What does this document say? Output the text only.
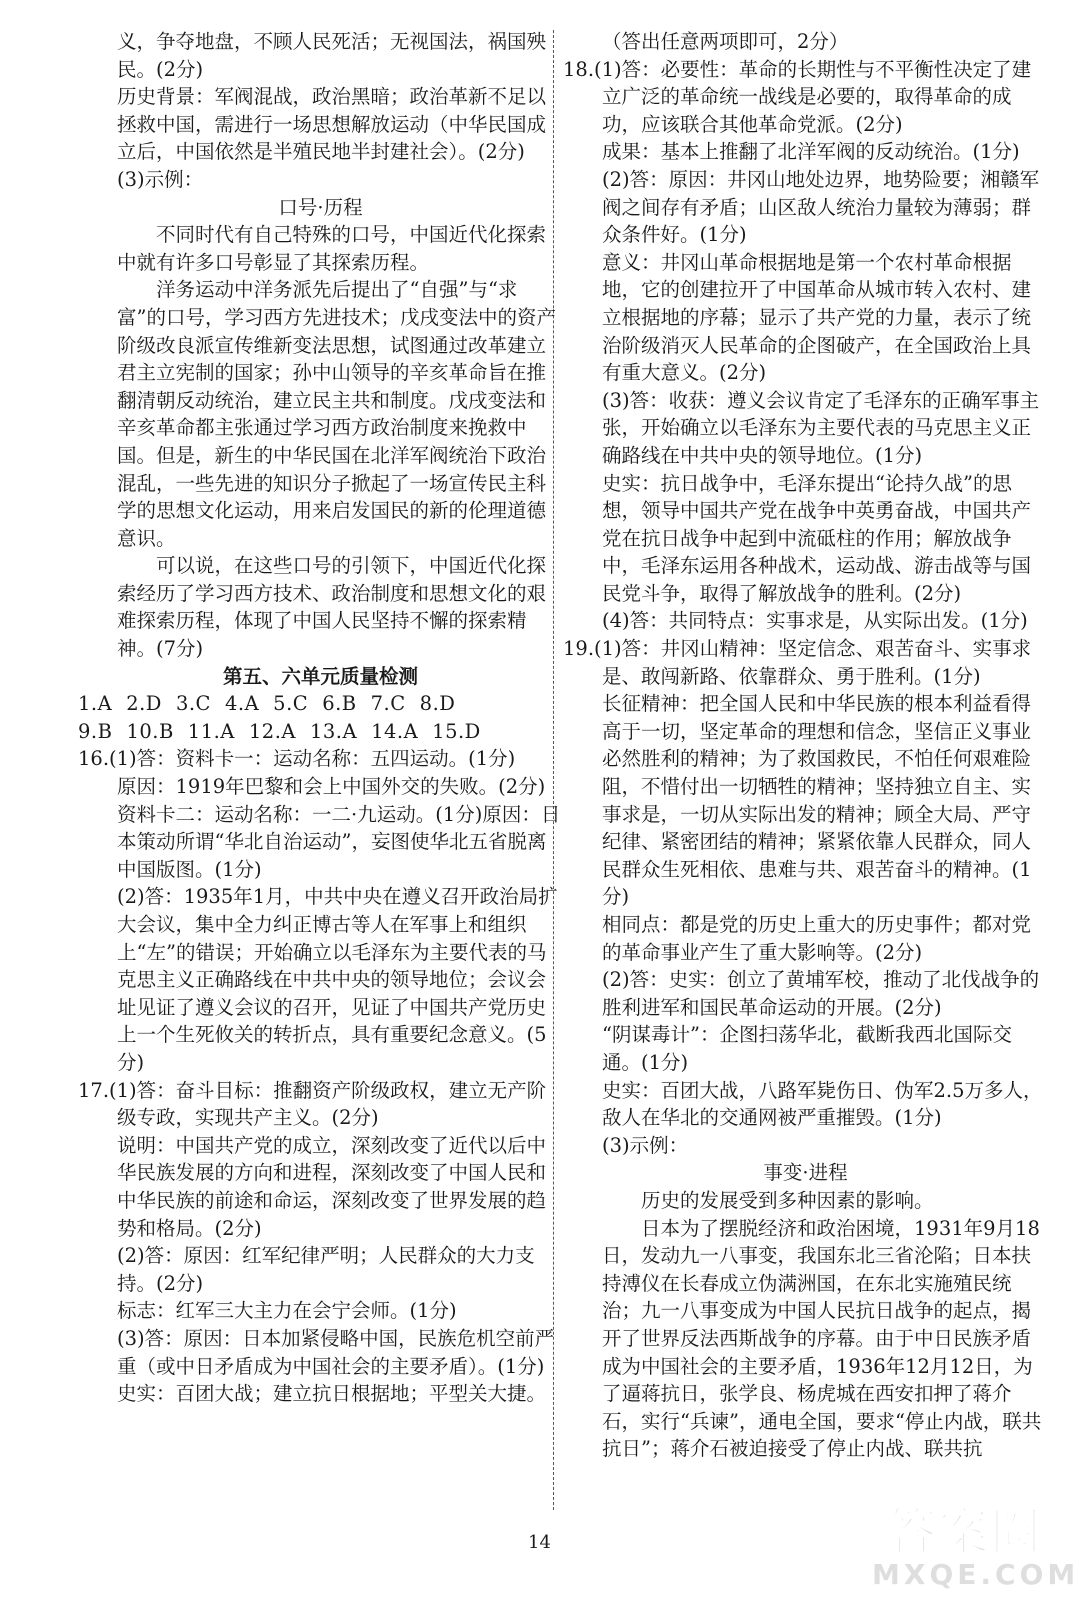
义，争夺地盘，不顾人民死活；无视国法，祸国殃民。(2分)

历史背景：军阀混战，政治黑暗；政治革新不足以拯救中国，需进行一场思想解放运动（中华民国成立后，中国依然是半殖民地半封建社会）。(2分)

(3)示例：

口号·历程

不同时代有自己特殊的口号，中国近代化探索中就有许多口号彰显了其探索历程。

洋务运动中洋务派先后提出了“自强”与“求富”的口号，学习西方先进技术；戊戌变法中的资产阶级改良派宣传维新变法思想，试图通过改革建立君主立宪制的国家；孙中山领导的辛亥革命旨在推翻清朝反动统治，建立民主共和制度。戊戌变法和辛亥革命都主张通过学习西方政治制度来挽救中国。但是，新生的中华民国在北洋军阀统治下政治混乱，一些先进的知识分子掀起了一场宣传民主科学的思想文化运动，用来启发国民的新的伦理道德意识。

可以说，在这些口号的引领下，中国近代化探索经历了学习西方技术、政治制度和思想文化的艰难探索历程，体现了中国人民坚持不懈的探索精神。(7分)

第五、六单元质量检测

1.A 2.D 3.C 4.A 5.C 6.B 7.C 8.D
9.B 10.B 11.A 12.A 13.A 14.A 15.D

16.(1)答：资料卡一：运动名称：五四运动。(1分)

原因：1919年巴黎和会上中国外交的失败。(2分)

资料卡二：运动名称：一二·九运动。(1分)原因：日本策动所谓“华北自治运动”，妄图使华北五省脱离中国版图。(1分)

(2)答：1935年1月，中共中央在遵义召开政治局扩大会议，集中全力纠正博古等人在军事上和组织上“左”的错误；开始确立以毛泽东为主要代表的马克思主义正确路线在中共中央的领导地位；会议会址见证了遵义会议的召开，见证了中国共产党历史上一个生死攸关的转折点，具有重要纪念意义。(5分)

17.(1)答：奋斗目标：推翻资产阶级政权，建立无产阶级专政，实现共产主义。(2分)

说明：中国共产党的成立，深刻改变了近代以后中华民族发展的方向和进程，深刻改变了中国人民和中华民族的前途和命运，深刻改变了世界发展的趋势和格局。(2分)

(2)答：原因：红军纪律严明；人民群众的大力支持。(2分)

标志：红军三大主力在会宁会师。(1分)

(3)答：原因：日本加紧侵略中国，民族危机空前严重（或中日矛盾成为中国社会的主要矛盾）。(1分)

史实：百团大战；建立抗日根据地；平型关大捷。

（答出任意两项即可，2分）

18.(1)答：必要性：革命的长期性与不平衡性决定了建立广泛的革命统一战线是必要的，取得革命的成功，应该联合其他革命党派。(2分)

成果：基本上推翻了北洋军阀的反动统治。(1分)

(2)答：原因：井冈山地处边界，地势险要；湘赣军阀之间存有矛盾；山区敌人统治力量较为薄弱；群众条件好。(1分)

意义：井冈山革命根据地是第一个农村革命根据地，它的创建拉开了中国革命从城市转入农村、建立根据地的序幕；显示了共产党的力量，表示了统治阶级消灭人民革命的企图破产，在全国政治上具有重大意义。(2分)

(3)答：收获：遵义会议肯定了毛泽东的正确军事主张，开始确立以毛泽东为主要代表的马克思主义正确路线在中共中央的领导地位。(1分)

史实：抗日战争中，毛泽东提出“论持久战”的思想，领导中国共产党在战争中英勇奋战，中国共产党在抗日战争中起到中流砥柱的作用；解放战争中，毛泽东运用各种战术，运动战、游击战等与国民党斗争，取得了解放战争的胜利。(2分)

(4)答：共同特点：实事求是，从实际出发。(1分)

19.(1)答：井冈山精神：坚定信念、艰苦奋斗、实事求是、敢闯新路、依靠群众、勇于胜利。(1分)

长征精神：把全国人民和中华民族的根本利益看得高于一切，坚定革命的理想和信念，坚信正义事业必然胜利的精神；为了救国救民，不怕任何艰难险阻，不惜付出一切牺牲的精神；坚持独立自主、实事求是，一切从实际出发的精神；顾全大局、严守纪律、紧密团结的精神；紧紧依靠人民群众，同人民群众生死相依、患难与共、艰苦奋斗的精神。(1分)

相同点：都是党的历史上重大的历史事件；都对党的革命事业产生了重大影响等。(2分)

(2)答：史实：创立了黄埔军校，推动了北伐战争的胜利进军和国民革命运动的开展。(2分)

“阴谋毒计”：企图扫荡华北，截断我西北国际交通。(1分)

史实：百团大战，八路军毙伤日、伪军2.5万多人，敌人在华北的交通网被严重摧毁。(1分)

(3)示例：

事变·进程

历史的发展受到多种因素的影响。

日本为了摆脱经济和政治困境，1931年9月18日，发动九一八事变，我国东北三省沦陷；日本扶持溥仪在长春成立伪满洲国，在东北实施殖民统治；九一八事变成为中国人民抗日战争的起点，揭开了世界反法西斯战争的序幕。由于中日民族矛盾成为中国社会的主要矛盾，1936年12月12日，为了逼蒋抗日，张学良、杨虎城在西安扣押了蒋介石，实行“兵谏”，通电全国，要求“停止内战，联共抗日”；蒋介石被迫接受了停止内战、联共抗

14	答案圈
MXQE.COM
